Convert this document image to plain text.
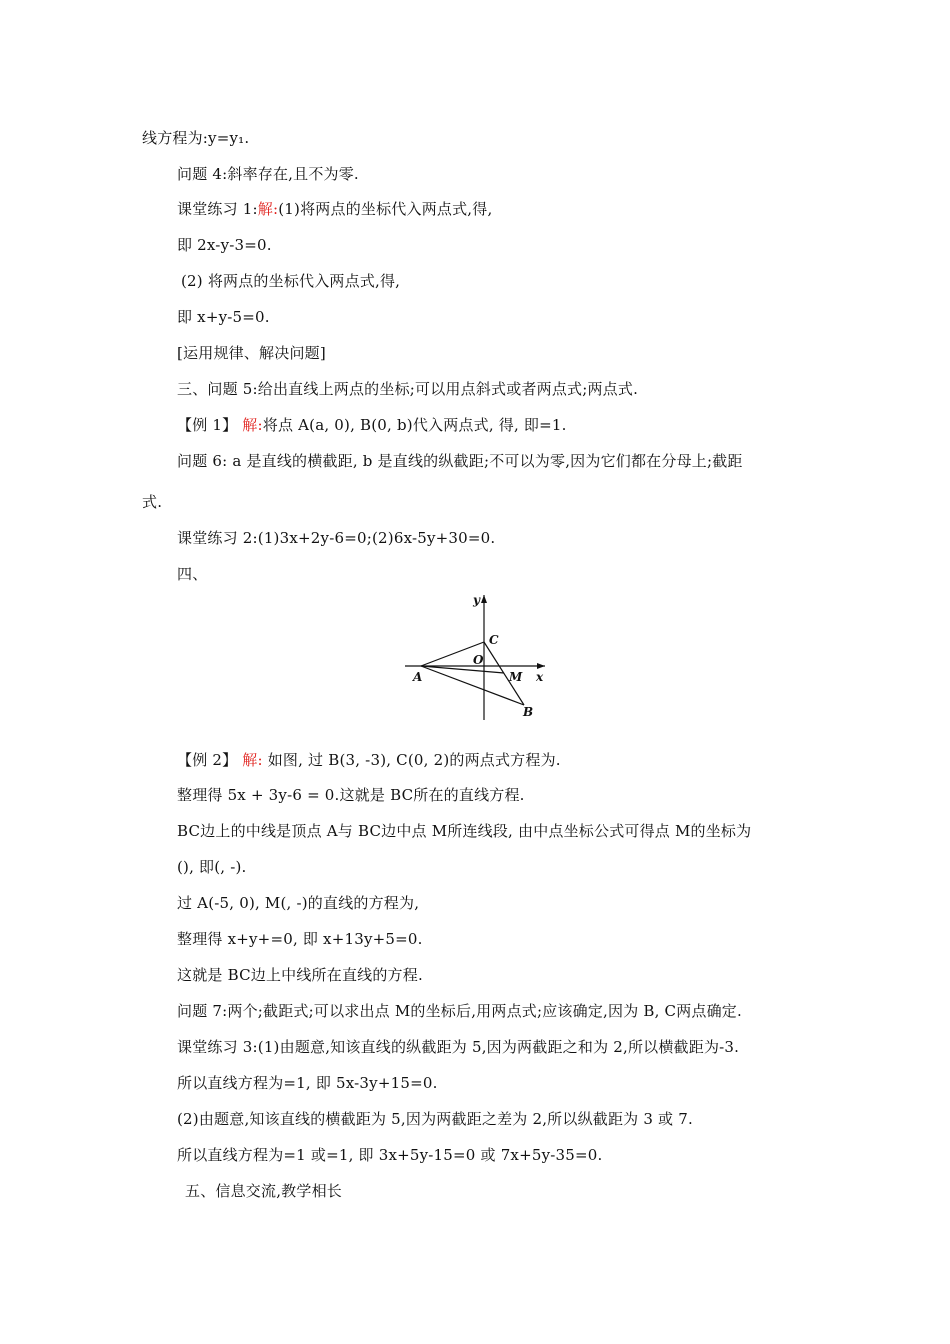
线方程为:y=y₁.
问题 4:斜率存在,且不为零.
课堂练习 1:解:(1)将两点的坐标代入两点式,得,
即 2x-y-3=0.
(2) 将两点的坐标代入两点式,得,
即 x+y-5=0.
[运用规律、解决问题]
三、问题 5:给出直线上两点的坐标;可以用点斜式或者两点式;两点式.
【例 1】 解:将点 A(a, 0), B(0, b)代入两点式, 得, 即=1.
问题 6: a 是直线的横截距, b 是直线的纵截距;不可以为零,因为它们都在分母上;截距
式.
课堂练习 2:(1)3x+2y-6=0;(2)6x-5y+30=0.
四、
y
x
C
O
A	M
B
【例 2】 解: 如图, 过 B(3, -3), C(0, 2)的两点式方程为.
整理得 5x + 3y-6 = 0.这就是 BC所在的直线方程.
BC边上的中线是顶点 A与 BC边中点 M所连线段, 由中点坐标公式可得点 M的坐标为
(), 即(, -).
过 A(-5, 0), M(, -)的直线的方程为,
整理得 x+y+=0, 即 x+13y+5=0.
这就是 BC边上中线所在直线的方程.
问题 7:两个;截距式;可以求出点 M的坐标后,用两点式;应该确定,因为 B, C两点确定.
课堂练习 3:(1)由题意,知该直线的纵截距为 5,因为两截距之和为 2,所以横截距为-3.
所以直线方程为=1, 即 5x-3y+15=0.
(2)由题意,知该直线的横截距为 5,因为两截距之差为 2,所以纵截距为 3 或 7.
所以直线方程为=1 或=1, 即 3x+5y-15=0 或 7x+5y-35=0.
五、信息交流,教学相长
